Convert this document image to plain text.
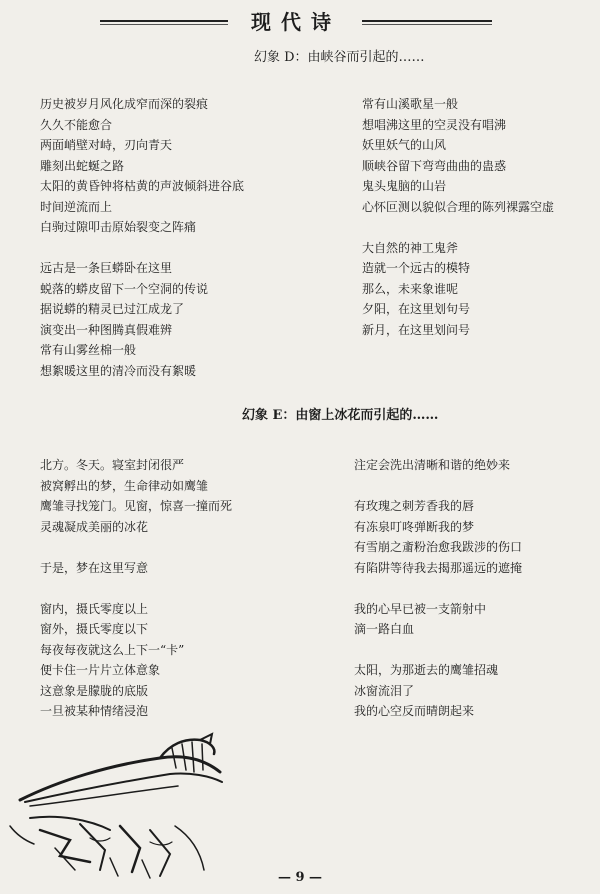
现代诗
幻象 D：由峡谷而引起的……
历史被岁月风化成窄而深的裂痕
久久不能愈合
两面峭壁对峙，刃向青天
雕刻出蛇蜒之路
太阳的黄昏钟将枯黄的声波倾斜进谷底
时间逆流而上
白驹过隙叩击原始裂变之阵痛
远古是一条巨蟒卧在这里
蜕落的蟒皮留下一个空洞的传说
据说蟒的精灵已过江成龙了
演变出一种图腾真假难辨
常有山雾丝棉一般
想絮暖这里的清冷而没有絮暖
常有山溪歌星一般
想唱沸这里的空灵没有唱沸
妖里妖气的山风
顺峡谷留下弯弯曲曲的蛊惑
鬼头鬼脑的山岩
心怀叵测以貌似合理的陈列裸露空虚
大自然的神工鬼斧
造就一个远古的模特
那么，未来象谁呢
夕阳，在这里划句号
新月，在这里划问号
幻象 E：由窗上冰花而引起的……
北方。冬天。寝室封闭很严
被窝孵出的梦，生命律动如鹰雏
鹰雏寻找笼门。见窗，惊喜一撞而死
灵魂凝成美丽的冰花
于是，梦在这里写意
窗内，摄氏零度以上
窗外，摄氏零度以下
每夜每夜就这么上下一“卡”
便卡住一片片立体意象
这意象是朦胧的底版
一旦被某种情绪浸泡
注定会洗出清晰和谐的绝妙来
有玫瑰之刺芳香我的唇
有冻泉叮咚弹断我的梦
有雪崩之齑粉治愈我跋涉的伤口
有陷阱等待我去揭那遥远的遮掩
我的心早已被一支箭射中
滴一路白血
太阳，为那逝去的鹰雏招魂
冰窗流泪了
我的心空反而晴朗起来
— 9 —
